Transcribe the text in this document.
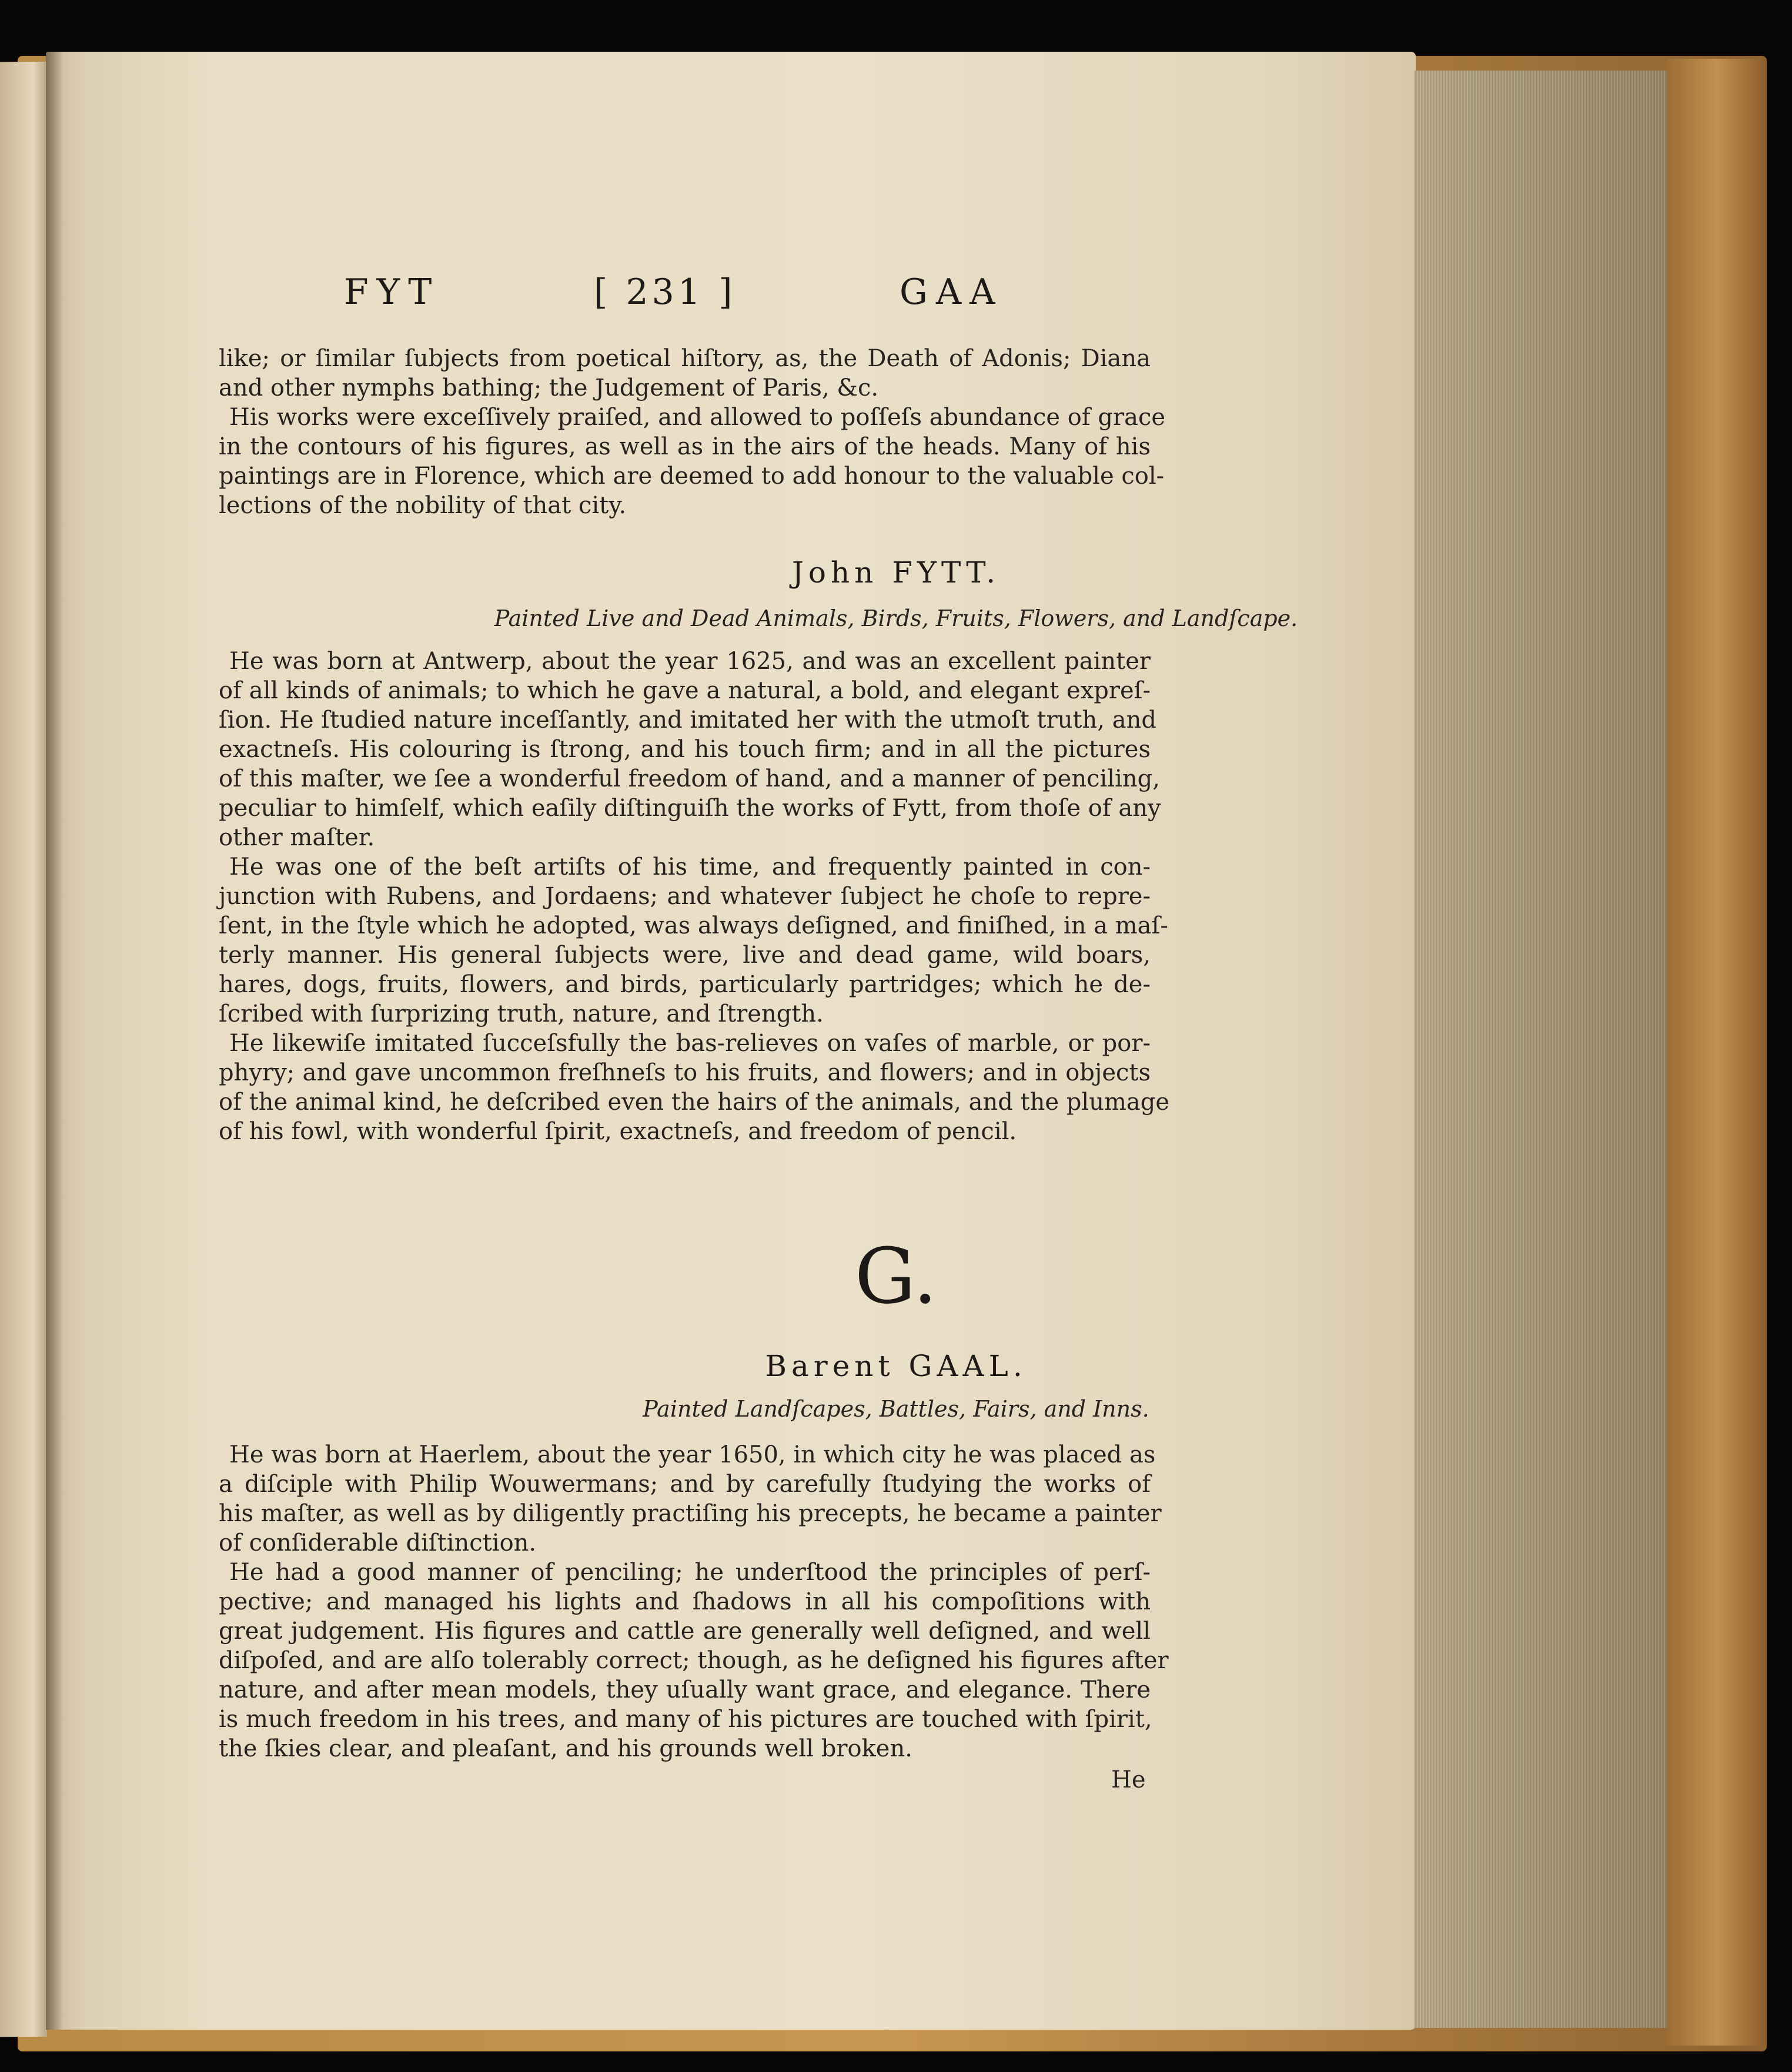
FYT	[ 231 ]	GAA
like; or ſimilar ſubjects from poetical hiſtory, as, the Death of Adonis; Diana
and other nymphs bathing; the Judgement of Paris, &c.
His works were exceſſively praiſed, and allowed to poſſeſs abundance of grace
in the contours of his figures, as well as in the airs of the heads. Many of his
paintings are in Florence, which are deemed to add honour to the valuable col-
lections of the nobility of that city.
John FYTT.
Painted Live and Dead Animals, Birds, Fruits, Flowers, and Landſcape.
He was born at Antwerp, about the year 1625, and was an excellent painter
of all kinds of animals; to which he gave a natural, a bold, and elegant expreſ-
ſion. He ſtudied nature inceſſantly, and imitated her with the utmoſt truth, and
exactneſs. His colouring is ſtrong, and his touch firm; and in all the pictures
of this maſter, we ſee a wonderful freedom of hand, and a manner of penciling,
peculiar to himſelf, which eaſily diſtinguiſh the works of Fytt, from thoſe of any
other maſter.
He was one of the beſt artiſts of his time, and frequently painted in con-
junction with Rubens, and Jordaens; and whatever ſubject he choſe to repre-
ſent, in the ſtyle which he adopted, was always deſigned, and finiſhed, in a maſ-
terly manner. His general ſubjects were, live and dead game, wild boars,
hares, dogs, fruits, flowers, and birds, particularly partridges; which he de-
ſcribed with ſurprizing truth, nature, and ſtrength.
He likewiſe imitated ſucceſsfully the bas-relieves on vaſes of marble, or por-
phyry; and gave uncommon freſhneſs to his fruits, and flowers; and in objects
of the animal kind, he deſcribed even the hairs of the animals, and the plumage
of his fowl, with wonderful ſpirit, exactneſs, and freedom of pencil.
G.
Barent GAAL.
Painted Landſcapes, Battles, Fairs, and Inns.
He was born at Haerlem, about the year 1650, in which city he was placed as
a diſciple with Philip Wouwermans; and by carefully ſtudying the works of
his maſter, as well as by diligently practiſing his precepts, he became a painter
of conſiderable diſtinction.
He had a good manner of penciling; he underſtood the principles of perſ-
pective; and managed his lights and ſhadows in all his compoſitions with
great judgement. His figures and cattle are generally well deſigned, and well
diſpoſed, and are alſo tolerably correct; though, as he deſigned his figures after
nature, and after mean models, they uſually want grace, and elegance. There
is much freedom in his trees, and many of his pictures are touched with ſpirit,
the ſkies clear, and pleaſant, and his grounds well broken.
He
